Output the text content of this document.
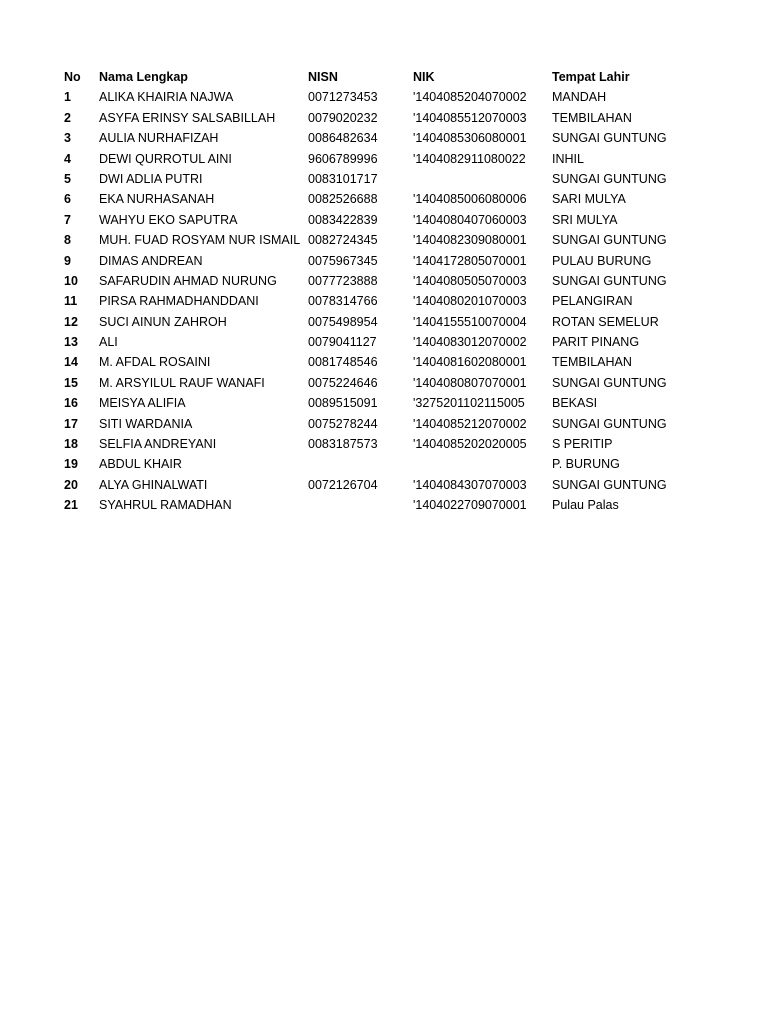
No	Nama Lengkap	NISN	NIK	Tempat Lahir
1	ALIKA KHAIRIA NAJWA	0071273453	'1404085204070002	MANDAH

2	ASYFA ERINSY SALSABILLAH	0079020232	'1404085512070003	TEMBILAHAN

3	AULIA NURHAFIZAH	0086482634	'1404085306080001	SUNGAI GUNTUNG

4	DEWI QURROTUL AINI	9606789996	'1404082911080022	INHIL

5	DWI ADLIA PUTRI	0083101717		SUNGAI GUNTUNG

6	EKA NURHASANAH	0082526688	'1404085006080006	SARI MULYA

7	WAHYU EKO SAPUTRA	0083422839	'1404080407060003	SRI MULYA

8	MUH. FUAD ROSYAM NUR ISMAIL	0082724345	'1404082309080001	SUNGAI GUNTUNG

9	DIMAS ANDREAN	0075967345	'1404172805070001	PULAU BURUNG

10	SAFARUDIN AHMAD NURUNG	0077723888	'1404080505070003	SUNGAI GUNTUNG

11	PIRSA RAHMADHANDDANI	0078314766	'1404080201070003	PELANGIRAN

12	SUCI AINUN ZAHROH	0075498954	'1404155510070004	ROTAN SEMELUR

13	ALI	0079041127	'1404083012070002	PARIT PINANG

14	M. AFDAL ROSAINI	0081748546	'1404081602080001	TEMBILAHAN

15	M. ARSYILUL RAUF WANAFI	0075224646	'1404080807070001	SUNGAI GUNTUNG

16	MEISYA ALIFIA	0089515091	'3275201102115005	BEKASI

17	SITI WARDANIA	0075278244	'1404085212070002	SUNGAI GUNTUNG

18	SELFIA ANDREYANI	0083187573	'1404085202020005	S PERITIP

19	ABDUL KHAIR			P. BURUNG

20	ALYA GHINALWATI	0072126704	'1404084307070003	SUNGAI GUNTUNG

21	SYAHRUL RAMADHAN		'1404022709070001	Pulau Palas
